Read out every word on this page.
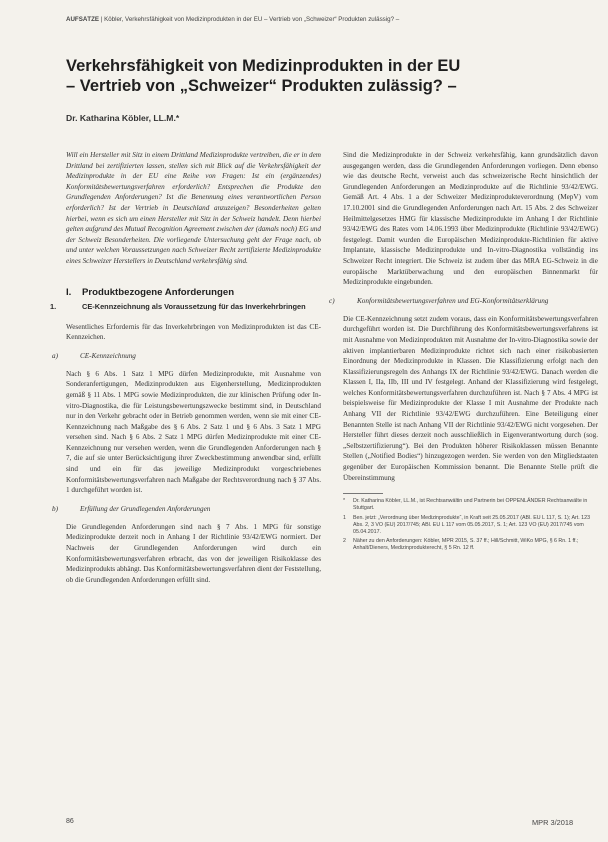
AUFSÄTZE | Köbler, Verkehrsfähigkeit von Medizinprodukten in der EU – Vertrieb von „Schweizer“ Produkten zulässig? –
Verkehrsfähigkeit von Medizinprodukten in der EU
– Vertrieb von „Schweizer“ Produkten zulässig? –
Dr. Katharina Köbler, LL.M.*

Will ein Hersteller mit Sitz in einem Drittland Medizinprodukte vertreiben, die er in dem Drittland bei zertifizierten lassen, stellen sich mit Blick auf die Verkehrsfähigkeit der Medizinprodukte in der EU eine Reihe von Fragen: Ist ein (ergänzendes) Konformitätsbewertungsverfahren erforderlich? Entsprechen die Produkte den Grundlegenden Anforderungen? Ist die Benennung eines verantwortlichen Person erforderlich? Ist der Vertrieb in Deutschland anzuzeigen? Besonderheiten gelten hierbei, wenn es sich um einen Hersteller mit Sitz in der Schweiz handelt. Denn hierbei gelten aufgrund des Mutual Recognition Agreement zwischen der (damals noch) EG und der Schweiz Besonderheiten. Die vorliegende Untersuchung geht der Frage nach, ob und unter welchen Voraussetzungen nach Schweizer Recht zertifizierte Medizinprodukte eines Schweizer Herstellers in Deutschland verkehrsfähig sind.

I. Produktbezogene Anforderungen
1.	CE-Kennzeichnung als Voraussetzung für das Inverkehrbringen

Wesentliches Erfordernis für das Inverkehrbringen von Medizinprodukten ist das CE-Kennzeichen.

a)	CE-Kennzeichnung

Nach § 6 Abs. 1 Satz 1 MPG dürfen Medizinprodukte, mit Ausnahme von Sonderanfertigungen, Medizinprodukten aus Eigenherstellung, Medizinprodukten gemäß § 11 Abs. 1 MPG sowie Medizinprodukten, die zur klinischen Prüfung oder In-vitro-Diagnostika, die für Leistungsbewertungszwecke bestimmt sind, in Deutschland nur in den Verkehr gebracht oder in Betrieb genommen werden, wenn sie mit einer CE-Kennzeichnung nach Maßgabe des § 6 Abs. 2 Satz 1 und § 6 Abs. 3 Satz 1 MPG versehen sind. Nach § 6 Abs. 2 Satz 1 MPG dürfen Medizinprodukte mit einer CE-Kennzeichnung nur versehen werden, wenn die Grundlegenden Anforderungen nach § 7, die auf sie unter Berücksichtigung ihrer Zweckbestimmung anwendbar sind, erfüllt sind und ein für das jeweilige Medizinprodukt vorgeschriebenes Konformitätsbewertungsverfahren nach Maßgabe der Rechtsverordnung nach § 37 Abs. 1 durchgeführt worden ist.

b)	Erfüllung der Grundlegenden Anforderungen

Die Grundlegenden Anforderungen sind nach § 7 Abs. 1 MPG für sonstige Medizinprodukte derzeit noch in Anhang I der Richtlinie 93/42/EWG normiert. Der Nachweis der Grundlegenden Anforderungen wird durch ein Konformitätsbewertungsverfahren erbracht, das von der jeweiligen Risikoklasse des Medizinprodukts abhängt. Das Konformitätsbewertungsverfahren dient der Feststellung, ob die Grundlegenden Anforderungen erfüllt sind.

Sind die Medizinprodukte in der Schweiz verkehrsfähig, kann grundsätzlich davon ausgegangen werden, dass die Grundlegenden Anforderungen vorliegen. Denn ebenso wie das deutsche Recht, verweist auch das schweizerische Recht hinsichtlich der Grundlegenden Anforderungen an Medizinprodukte auf die Richtlinie 93/42/EWG. Gemäß Art. 4 Abs. 1 a der Schweizer Medizinprodukteverordnung (MepV) vom 17.10.2001 sind die Grundlegenden Anforderungen nach Art. 15 Abs. 2 des Schweizer Heilmittelgesetzes HMG für klassische Medizinprodukte im Anhang I der Richtlinie 93/42/EWG des Rates vom 14.06.1993 über Medizinprodukte (Richtlinie 93/42/EWG) festgelegt. Damit wurden die Europäischen Medizinprodukte-Richtlinien für aktive Implantate, klassische Medizinprodukte und In-vitro-Diagnostika vollständig ins Schweizer Recht integriert. Die Schweiz ist zudem über das MRA EG-Schweiz in die europäische Marktüberwachung und den europäischen Binnenmarkt für Medizinprodukte eingebunden.

c)	Konformitätsbewertungsverfahren und EG-Konformitätserklärung

Die CE-Kennzeichnung setzt zudem voraus, dass ein Konformitätsbewertungsverfahren durchgeführt worden ist. Die Durchführung des Konformitätsbewertungsverfahrens ist mit Ausnahme von Medizinprodukten mit Ausnahme der In-vitro-Diagnostika sowie der aktiven implantierbaren Medizinprodukte richtet sich nach einer risikobasierten Einordnung der Medizinprodukte in Klassen. Die Klassifizierung erfolgt nach den Klassifizierungsregeln des Anhangs IX der Richtlinie 93/42/EWG. Danach werden die Klassen I, IIa, IIb, III und IV festgelegt. Anhand der Klassifizierung wird festgelegt, welches Konformitätsbewertungsverfahren durchzuführen ist. Nach § 7 Abs. 4 MPG ist beispielsweise für Medizinprodukte der Klasse I mit Ausnahme der Produkte nach Anhang VII der Richtlinie 93/42/EWG durchzuführen. Eine Beteiligung einer Benannten Stelle ist nach Anhang VII der Richtlinie 93/42/EWG nicht vorgesehen. Der Hersteller führt dieses derzeit noch ausschließlich in Eigenverantwortung durch (sog. „Selbstzertifizierung“). Bei den Produkten höherer Risikoklassen müssen Benannte Stellen („Notified Bodies“) hinzugezogen werden. Sie werden von den Mitgliedstaaten gegenüber der Europäischen Kommission benannt. Die Benannte Stelle prüft die Übereinstimmung

* Dr. Katharina Köbler, LL.M., ist Rechtsanwältin und Partnerin bei OPPENLÄNDER Rechtsanwälte in Stuttgart.
1 Ben. jetzt: „Verordnung über Medizinprodukte“, in Kraft seit 25.05.2017 (ABl. EU L 117, S. 1); Art. 123 Abs. 2, 3 VO (EU) 2017/745; ABl. EU L 117 vom 05.05.2017, S. 1; Art. 123 VO (EU) 2017/745 vom 05.04.2017.
2 Näher zu den Anforderungen: Köbler, MPR 2015, S. 37 ff.; Hill/Schmitt, WiKo MPG, § 6 Rn. 1 ff.; Anhalt/Dieners, Medizinprodukterecht, § 5 Rn. 12 ff.
86	MPR 3/2018
